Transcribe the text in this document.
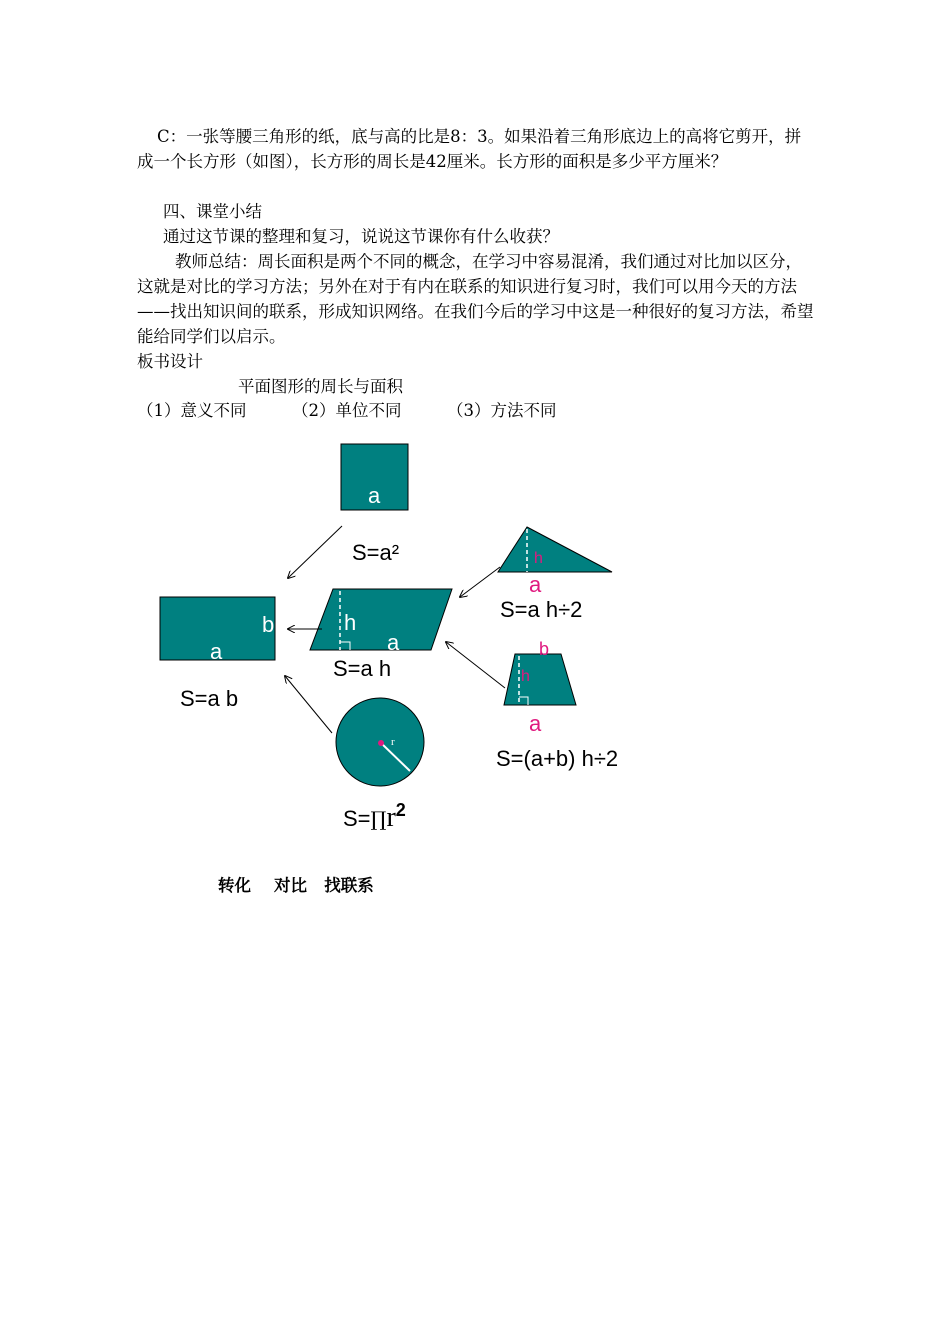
C：一张等腰三角形的纸，底与高的比是8：3。如果沿着三角形底边上的高将它剪开，拼成一个长方形（如图），长方形的周长是42厘米。长方形的面积是多少平方厘米？

四、课堂小结

通过这节课的整理和复习，说说这节课你有什么收获？

教师总结：周长面积是两个不同的概念，在学习中容易混淆，我们通过对比加以区分，这就是对比的学习方法；另外在对于有内在联系的知识进行复习时，我们可以用今天的方法——找出知识间的联系，形成知识网络。在我们今后的学习中这是一种很好的复习方法，希望能给同学们以启示。

板书设计

平面图形的周长与面积
（1）意义不同	（2）单位不同	（3）方法不同
a
S=a²
b
a
S=a b
h
a
S=a h
h
a
S=a h÷2
b
h
a
S=(a+b) h÷2
r
$S=\prod r^2$
转化 对比 找联系
